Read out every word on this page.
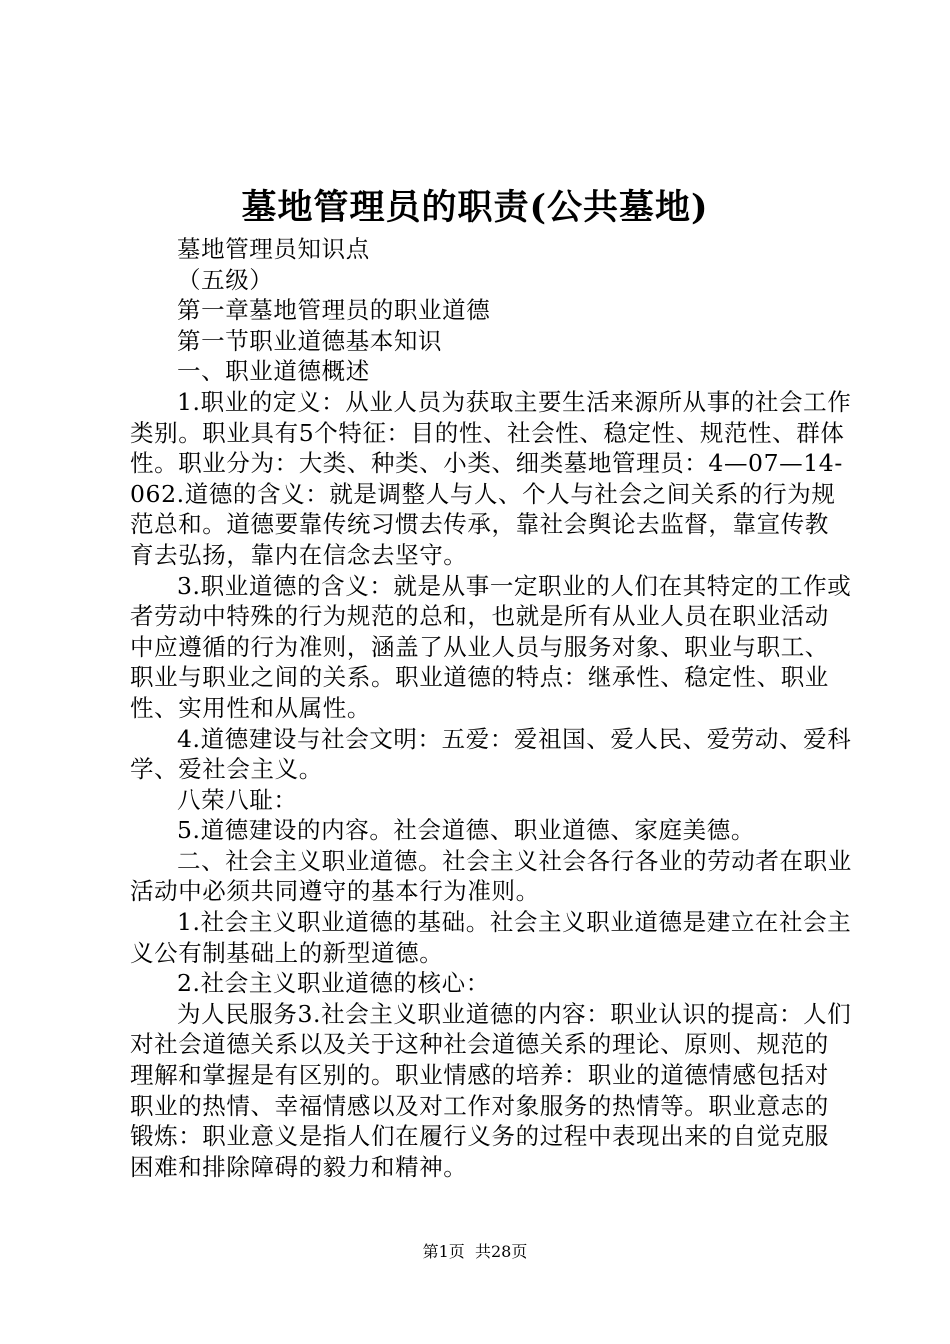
墓地管理员的职责(公共墓地)

墓地管理员知识点

（五级）

第一章墓地管理员的职业道德

第一节职业道德基本知识

一、职业道德概述

1.职业的定义：从业人员为获取主要生活来源所从事的社会工作类别。职业具有5个特征：目的性、社会性、稳定性、规范性、群体性。职业分为：大类、种类、小类、细类墓地管理员：4—07—14-062.道德的含义：就是调整人与人、个人与社会之间关系的行为规范总和。道德要靠传统习惯去传承，靠社会舆论去监督，靠宣传教育去弘扬，靠内在信念去坚守。

3.职业道德的含义：就是从事一定职业的人们在其特定的工作或者劳动中特殊的行为规范的总和，也就是所有从业人员在职业活动中应遵循的行为准则，涵盖了从业人员与服务对象、职业与职工、职业与职业之间的关系。职业道德的特点：继承性、稳定性、职业性、实用性和从属性。

4.道德建设与社会文明：五爱：爱祖国、爱人民、爱劳动、爱科学、爱社会主义。

八荣八耻：

5.道德建设的内容。社会道德、职业道德、家庭美德。

二、社会主义职业道德。社会主义社会各行各业的劳动者在职业活动中必须共同遵守的基本行为准则。

1.社会主义职业道德的基础。社会主义职业道德是建立在社会主义公有制基础上的新型道德。

2.社会主义职业道德的核心：

为人民服务3.社会主义职业道德的内容：职业认识的提高：人们对社会道德关系以及关于这种社会道德关系的理论、原则、规范的理解和掌握是有区别的。职业情感的培养：职业的道德情感包括对职业的热情、幸福情感以及对工作对象服务的热情等。职业意志的锻炼：职业意义是指人们在履行义务的过程中表现出来的自觉克服困难和排除障碍的毅力和精神。

第1页 共28页
